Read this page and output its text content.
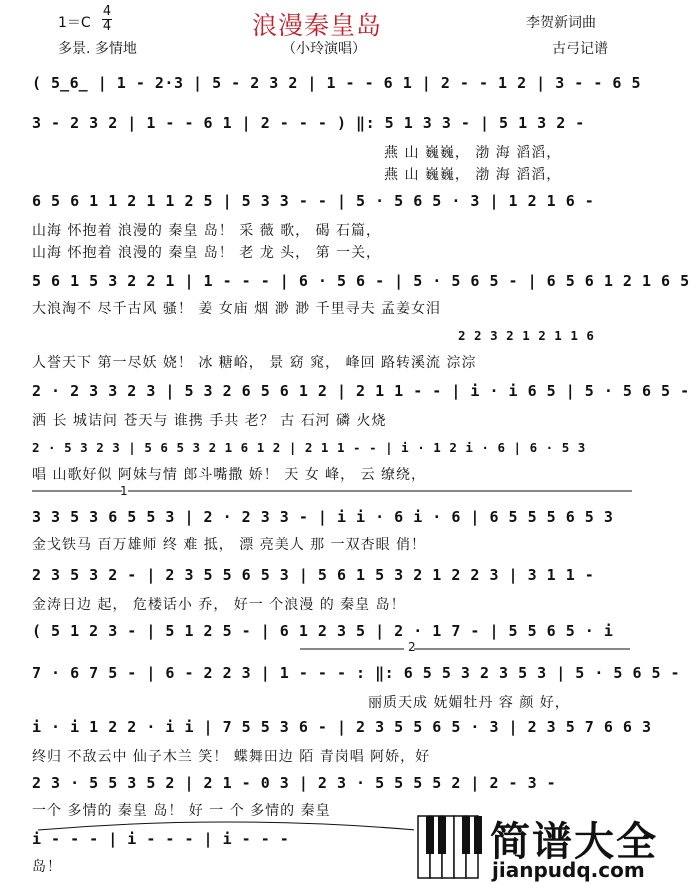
浪漫秦皇岛
1＝C
4
4
多景. 多情地	（小玲演唱）
李贺新词曲
古弓记谱
( 5̲6̲ | 1 - 2·3 | 5 - 2 3 2 | 1 - - 6 1 | 2 - - 1 2 | 3 - - 6 5
3 - 2 3 2 | 1 - - 6 1 | 2 - - - ) ‖: 5 1 3 3 - | 5 1 3 2 -
燕 山 巍巍， 渤 海 滔滔，
燕 山 巍巍， 渤 海 滔滔，
6 5 6 1 1 2 1 1 2 5 | 5 3 3 - - | 5 · 5 6 5 · 3 | 1 2 1 6 -
山海 怀抱着 浪漫的 秦皇 岛！ 采 薇 歌， 碣 石篇，
山海 怀抱着 浪漫的 秦皇 岛！ 老 龙 头， 第 一关，
5 6 1 5 3 2 2 1 | 1 - - - | 6 · 5 6 - | 5 · 5 6 5 - | 6 5 6 1 2 1 6 5
大浪淘不 尽千古风 骚！ 姜 女庙 烟 渺 渺 千里寻夫 孟姜女泪
2 2 3 2 1 2 1 1 6
人誉天下 第一尽妖 娆！ 冰 糖峪， 景 窈 窕， 峰回 路转溪流 淙淙
2 · 2 3 3 2 3 | 5 3 2 6 5 6 1 2 | 2 1 1 - - | i · i 6 5 | 5 · 5 6 5 -
洒 长 城诘问 苍天与 谁携 手共 老？ 古 石河 磷 火烧
2 · 5 3 2 3 | 5 6 5 3 2 1 6 1 2 | 2 1 1 - - | i · 1 2 i · 6 | 6 · 5 3
唱 山歌好似 阿妹与情 郎斗嘴撒 娇！ 天 女 峰， 云 缭绕，
1
3 3 5 3 6 5 5 3 | 2 · 2 3 3 - | i i · 6 i · 6 | 6 5 5 5 6 5 3
金戈铁马 百万雄师 终 难 抵， 漂 亮美人 那 一双杏眼 俏！
2 3 5 3 2 - | 2 3 5 5 6 5 3 | 5 6 1 5 3 2 1 2 2 3 | 3 1 1 -
金涛日边 起， 危楼话小 乔， 好一 个浪漫 的 秦皇 岛！
( 5 1 2 3 - | 5 1 2 5 - | 6 1 2 3 5 | 2 · 1 7 - | 5 5 6 5 · i
2
7 · 6 7 5 - | 6 - 2 2 3 | 1 - - - : ‖: 6 5 5 3 2 3 5 3 | 5 · 5 6 5 -
丽质天成 妩媚牡丹 容 颜 好，
i · i 1 2 2 · i i | 7 5 5 3 6 - | 2 3 5 5 6 5 · 3 | 2 3 5 7 6 6 3
终归 不敌云中 仙子木兰 笑！ 蝶舞田边 陌 青岗唱 阿娇，好
2 3 · 5 5 3 5 2 | 2 1 - 0 3 | 2 3 · 5 5 5 5 2 | 2 - 3 -
一个 多情的 秦皇 岛！ 好 一 个 多情的 秦皇
i - - - | i - - - | i - - -
岛！
简谱大全
jianpudq.com
